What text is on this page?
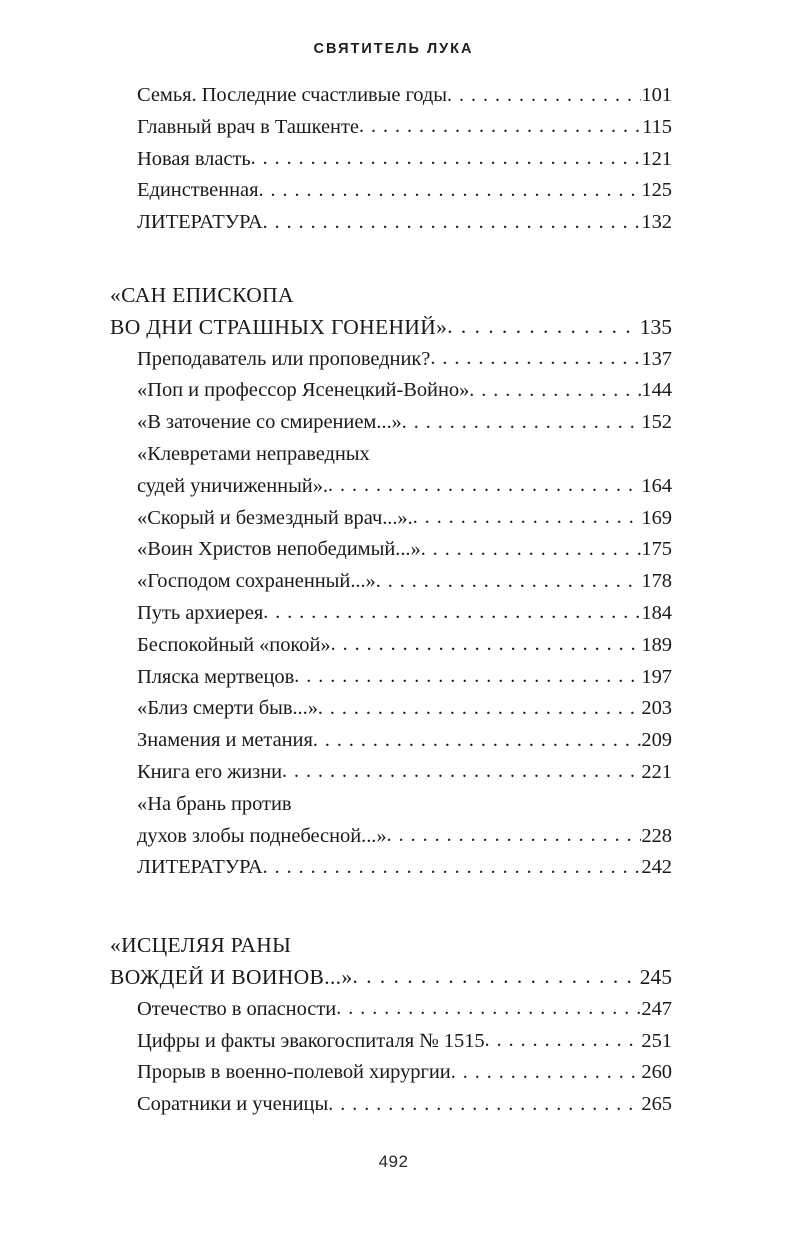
СВЯТИТЕЛЬ ЛУКА
Семья. Последние счастливые годы . . .	101
Главный врач в Ташкенте . . .	115
Новая власть . . .	121
Единственная . . .	125
ЛИТЕРАТУРА . . .	132
«САН ЕПИСКОПА
ВО ДНИ СТРАШНЫХ ГОНЕНИЙ» . . .	135
Преподаватель или проповедник? . . .	137
«Поп и профессор Ясенецкий-Войно» . . .	144
«В заточение со смирением...» . . .	152
«Клевретами неправедных
судей уничиженный». . . .	164
«Скорый и безмездный врач...». . . .	169
«Воин Христов непобедимый...» . . .	175
«Господом сохраненный...» . . .	178
Путь архиерея . . .	184
Беспокойный «покой» . . .	189
Пляска мертвецов . . .	197
«Близ смерти быв...» . . .	203
Знамения и метания . . .	209
Книга его жизни . . .	221
«На брань против
духов злобы поднебесной...» . . .	228
ЛИТЕРАТУРА . . .	242
«ИСЦЕЛЯЯ РАНЫ
ВОЖДЕЙ И ВОИНОВ...» . . .	245
Отечество в опасности . . .	247
Цифры и факты эвакогоспиталя № 1515 . . .	251
Прорыв в военно-полевой хирургии . . .	260
Соратники и ученицы . . .	265
492
